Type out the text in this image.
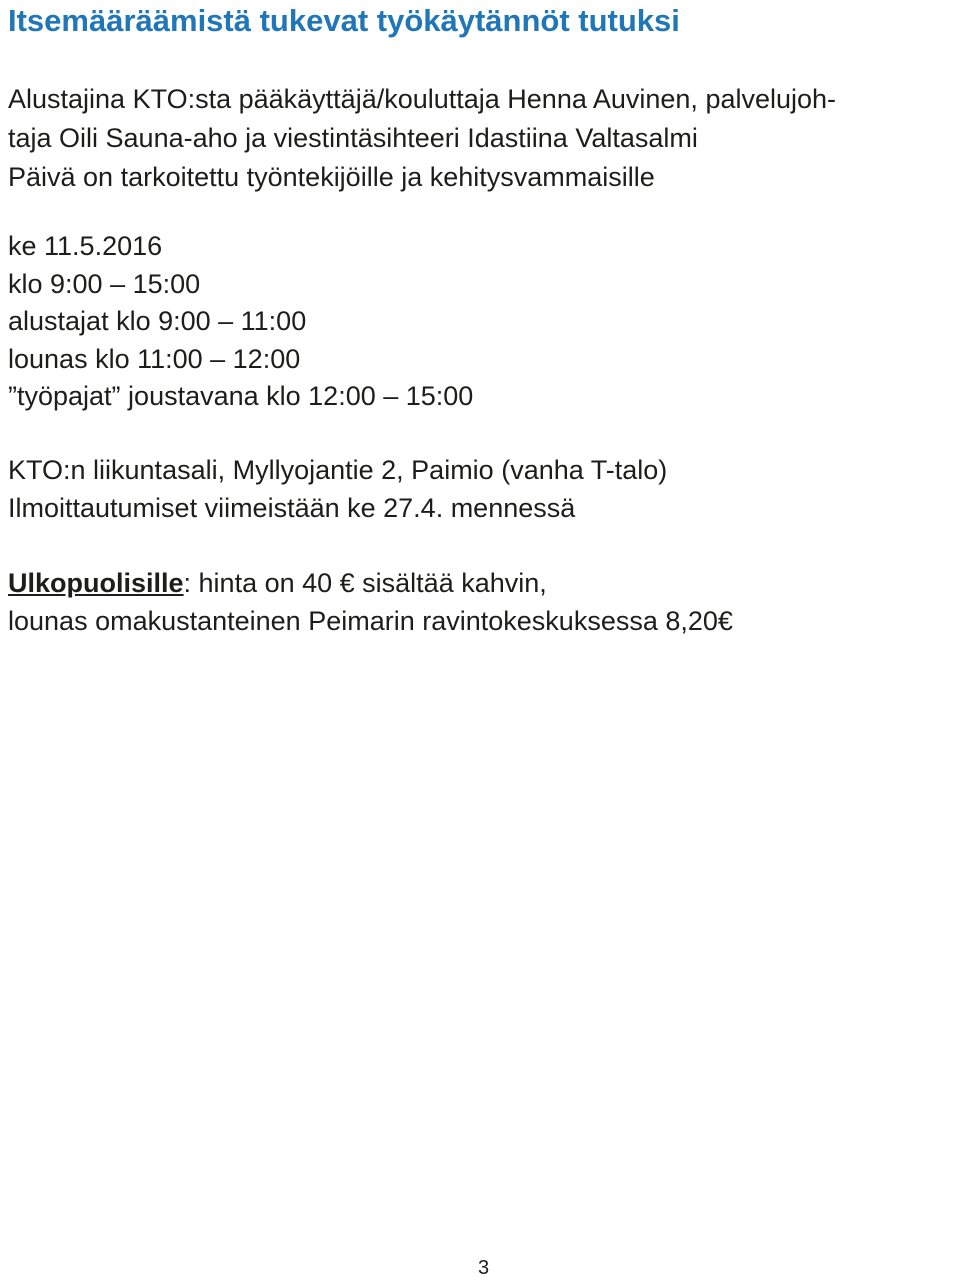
Itsemääräämistä tukevat työkäytännöt tutuksi
Alustajina KTO:sta pääkäyttäjä/kouluttaja Henna Auvinen, palvelujoh-
taja Oili Sauna-aho ja viestintäsihteeri Idastiina Valtasalmi
Päivä on tarkoitettu työntekijöille ja kehitysvammaisille
ke 11.5.2016
klo 9:00 – 15:00
alustajat klo 9:00 – 11:00
lounas klo 11:00 – 12:00
”työpajat” joustavana klo 12:00 – 15:00
KTO:n liikuntasali, Myllyojantie 2, Paimio (vanha T-talo)
Ilmoittautumiset viimeistään ke 27.4. mennessä
Ulkopuolisille: hinta on 40 € sisältää kahvin,
lounas omakustanteinen Peimarin ravintokeskuksessa 8,20€
3
